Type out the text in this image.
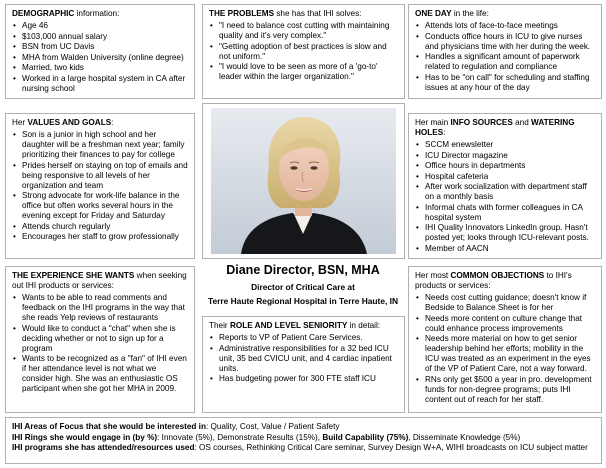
DEMOGRAPHIC information:
• Age 46
• $103,000 annual salary
• BSN from UC Davis
• MHA from Walden University (online degree)
• Married, two kids
• Worked in a large hospital system in CA after nursing school
THE PROBLEMS she has that IHI solves:
• "I need to balance cost cutting with maintaining quality and it's very complex."
• "Getting adoption of best practices is slow and not uniform."
• "I would love to be seen as more of a 'go-to' leader within the larger organization."
ONE DAY in the life:
• Attends lots of face-to-face meetings
• Conducts office hours in ICU to give nurses and physicians time with her during the week.
• Handles a significant amount of paperwork related to regulation and compliance
• Has to be "on call" for scheduling and staffing issues at any hour of the day
Her VALUES AND GOALS:
• Son is a junior in high school and her daughter will be a freshman next year; family prioritizing their finances to pay for college
• Prides herself on staying on top of emails and being responsive to all levels of her organization and team
• Strong advocate for work-life balance in the office but often works several hours in the evening except for Friday and Saturday
• Attends church regularly
• Encourages her staff to grow professionally
Her main INFO SOURCES and WATERING HOLES:
• SCCM enewsletter
• ICU Director magazine
• Office hours in departments
• Hospital cafeteria
• After work socialization with department staff on a monthly basis
• Informal chats with former colleagues in CA hospital system
• IHI Quality Innovators LinkedIn group. Hasn't posted yet; looks through ICU-relevant posts.
• Member of AACN
Diane Director, BSN, MHA
Director of Critical Care at
Terre Haute Regional Hospital in Terre Haute, IN
THE EXPERIENCE SHE WANTS when seeking out IHI products or services:
• Wants to be able to read comments and feedback on the IHI programs in the way that she reads Yelp reviews of restaurants
• Would like to conduct a "chat" when she is deciding whether or not to sign up for a program
• Wants to be recognized as a "fan" of IHI even if her attendance level is not what we consider high. She was an enthusiastic OS participant when she got her MHA in 2009.
Their ROLE AND LEVEL SENIORITY in detail:
• Reports to VP of Patient Care Services.
• Administrative responsibilities for a 32 bed ICU unit, 35 bed CVICU unit, and 4 cardiac inpatient units.
• Has budgeting power for 300 FTE staff ICU
Her most COMMON OBJECTIONS to IHI's products or services:
• Needs cost cutting guidance; doesn't know if Bedside to Balance Sheet is for her
• Needs more content on culture change that could enhance process improvements
• Needs more material on how to get senior leadership behind her efforts; mobility in the ICU was treated as an experiment in the eyes of the VP of Patient Care, not a way forward.
• RNs only get $500 a year in pro. development funds for non-degree programs; puts IHI content out of reach for her staff.
IHI Areas of Focus that she would be interested in: Quality, Cost, Value / Patient Safety
IHI Rings she would engage in (by %): Innovate (5%), Demonstrate Results (15%), Build Capability (75%), Disseminate Knowledge (5%)
IHI programs she has attended/resources used: OS courses, Rethinking Critical Care seminar, Survey Design W+A, WIHI broadcasts on ICU subject matter
